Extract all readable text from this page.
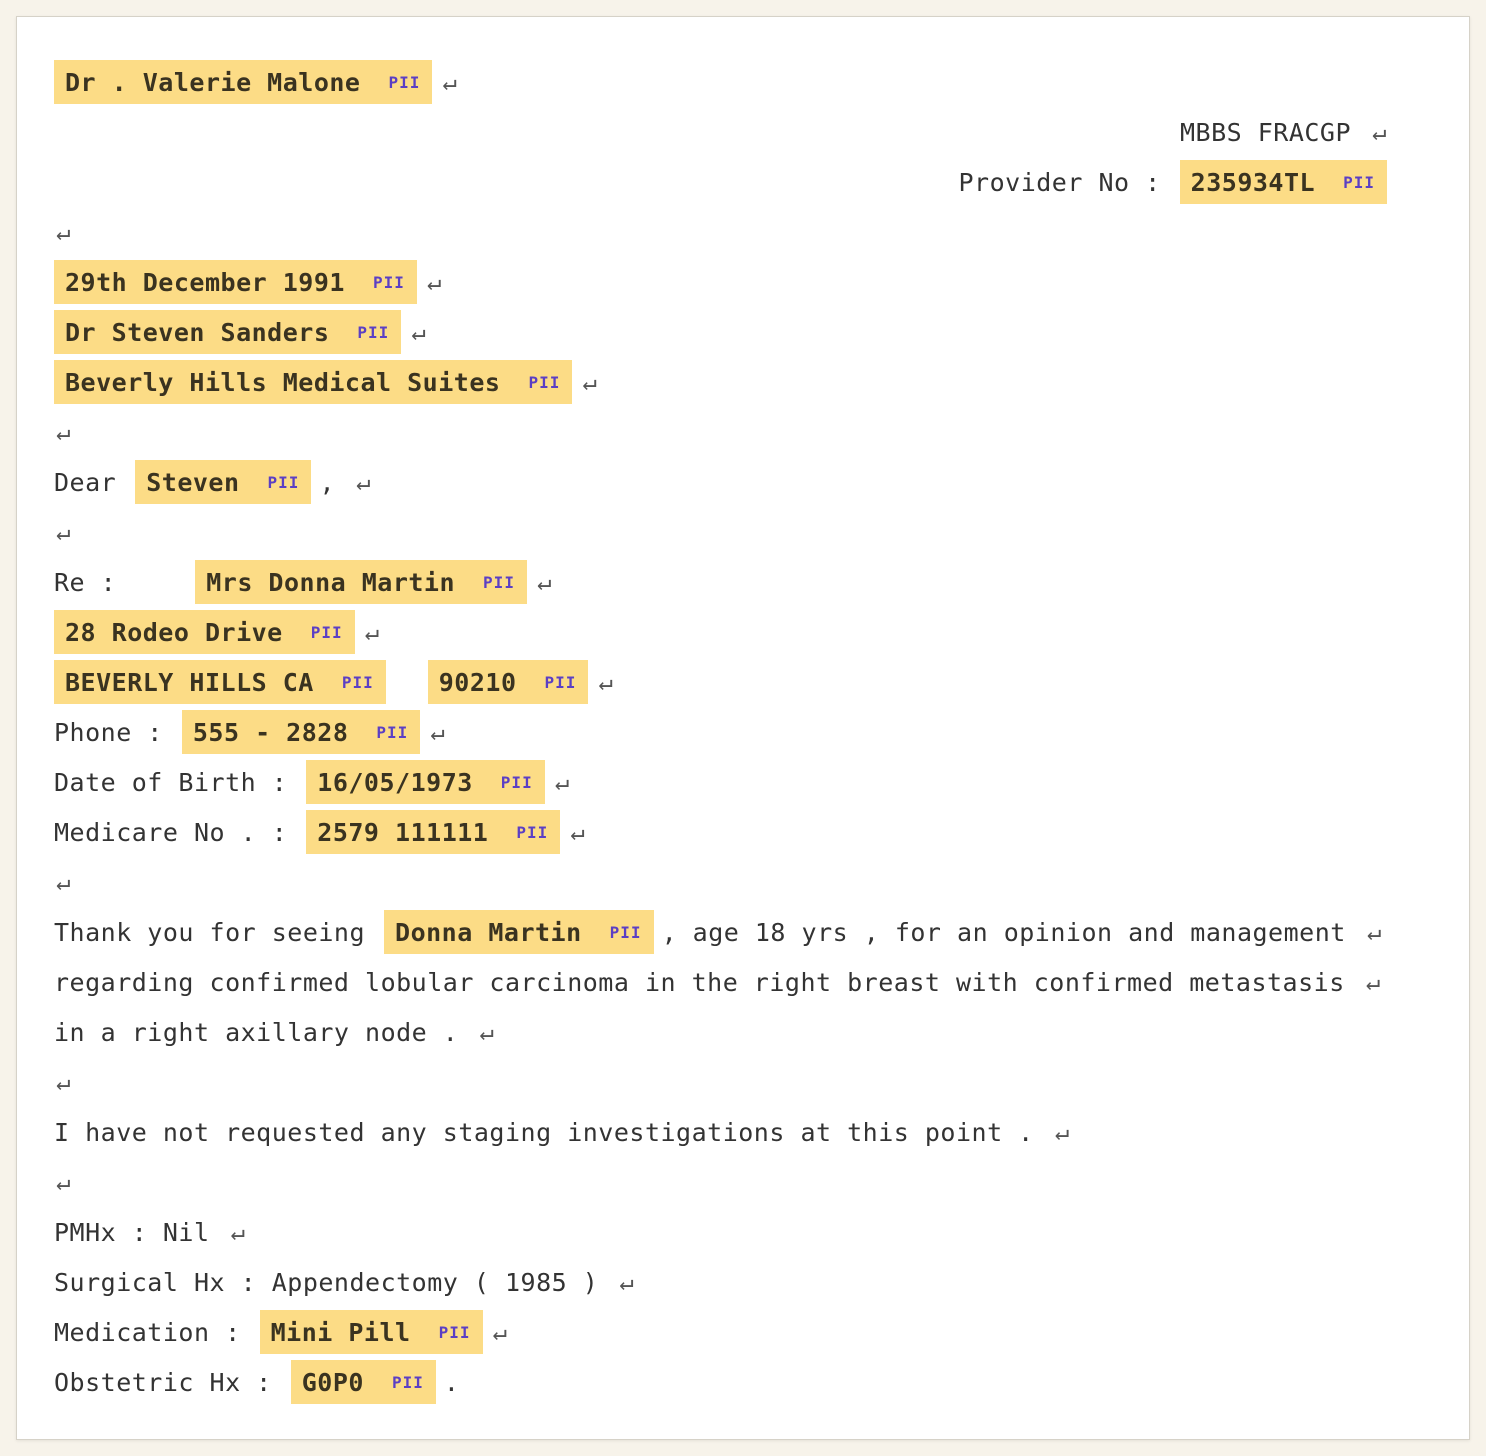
Dr . Valerie Malone PII ↵
MBBS FRACGP ↵
Provider No : 235934TL PII
↵
29th December 1991 PII ↵
Dr Steven Sanders PII ↵
Beverly Hills Medical Suites PII ↵
↵
Dear Steven PII , ↵
↵
Re :	Mrs Donna Martin PII ↵
28 Rodeo Drive PII ↵
BEVERLY HILLS CA PII	90210 PII ↵
Phone : 555 - 2828 PII ↵
Date of Birth : 16/05/1973 PII ↵
Medicare No . : 2579 111111 PII ↵
↵
Thank you for seeing Donna Martin PII , age 18 yrs , for an opinion and management ↵
regarding confirmed lobular carcinoma in the right breast with confirmed metastasis ↵
in a right axillary node . ↵
↵
I have not requested any staging investigations at this point . ↵
↵
PMHx : Nil ↵
Surgical Hx : Appendectomy ( 1985 ) ↵
Medication : Mini Pill PII ↵
Obstetric Hx : G0P0 PII .
